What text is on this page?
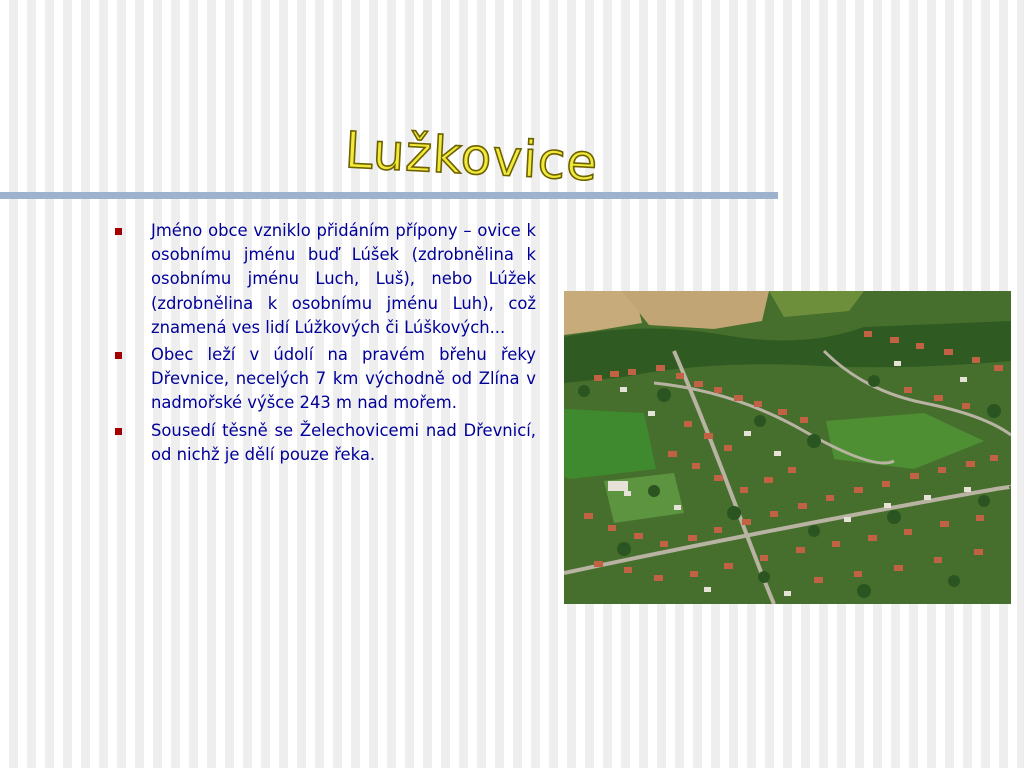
Lužkovice
Jméno obce vzniklo přidáním přípony – ovice k osobnímu jménu buď Lúšek (zdrobnělina k osobnímu jménu Luch, Luš), nebo Lúžek (zdrobnělina k osobnímu jménu Luh), což znamená ves lidí Lúžkových či Lúškových...
Obec leží v údolí na pravém břehu řeky Dřevnice, necelých 7 km východně od Zlína v nadmořské výšce 243 m nad mořem.
Sousedí těsně se Želechovicemi nad Dřevnicí, od nichž je dělí pouze řeka.
